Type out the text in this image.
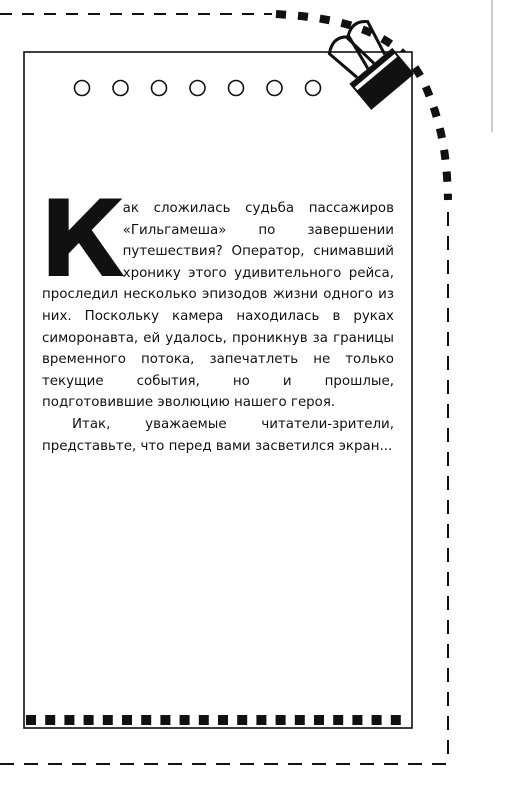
Как сложилась судьба пассажиров «Гильгамеша» по завершении путешествия? Оператор, снимавший хронику этого удивительного рейса, проследил несколько эпизодов жизни одного из них. Поскольку камера находилась в руках симоронавта, ей удалось, проникнув за границы временного потока, запечатлеть не только текущие события, но и прошлые, подготовившие эволюцию нашего героя.

Итак, уважаемые читатели-зрители, представьте, что перед вами засветился экран...
